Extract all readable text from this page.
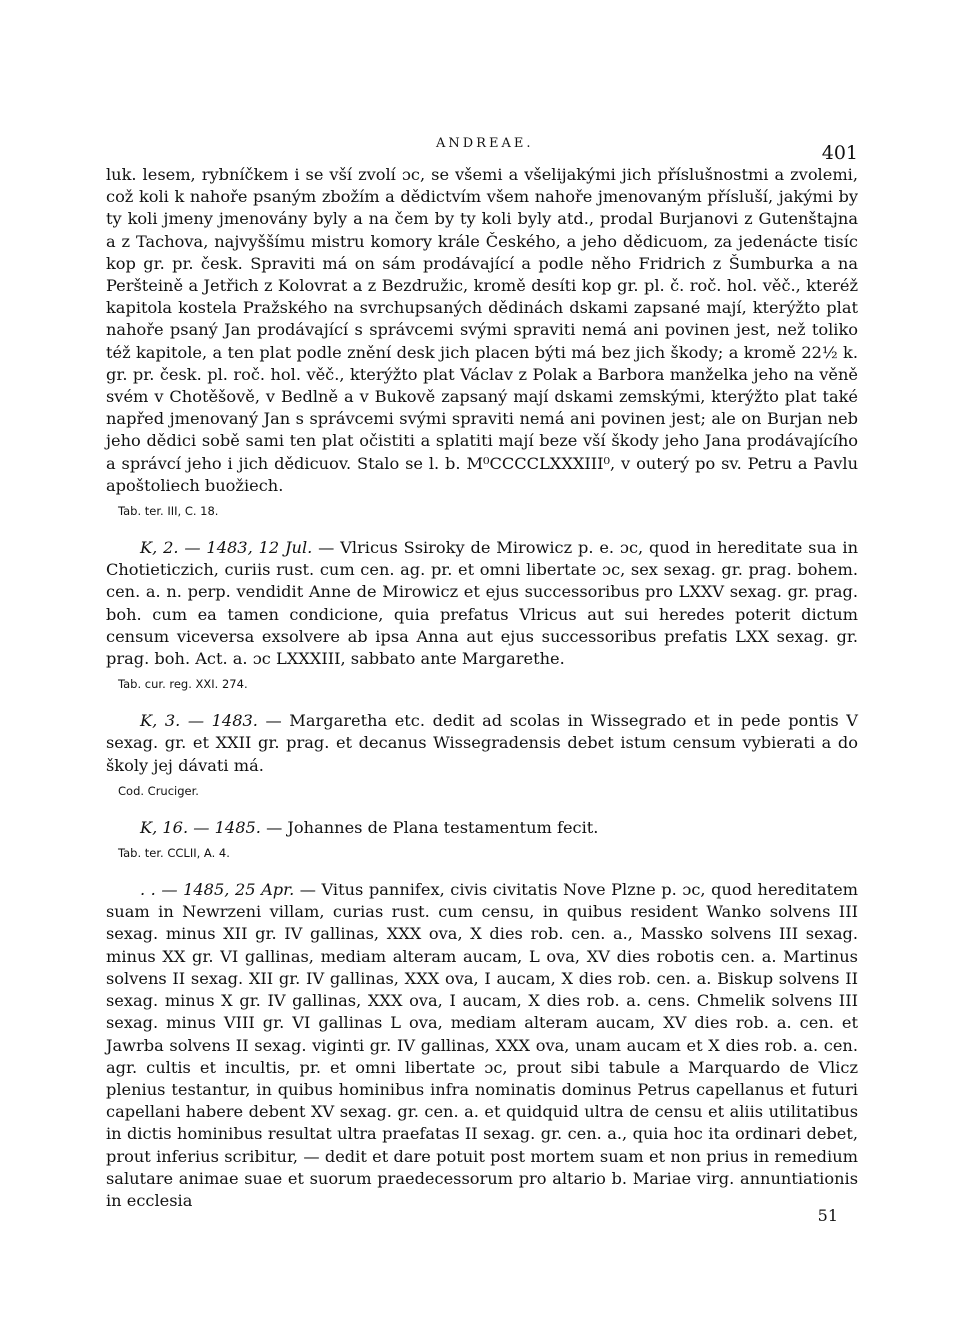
ANDREAE.	401

luk. lesem, rybníčkem i se vší zvolí ɔc, se všemi a všelijakými jich příslušnostmi a zvolemi, což koli k nahoře psaným zbožím a dědictvím všem nahoře jmenovaným přísluší, jakými by ty koli jmeny jmenovány byly a na čem by ty koli byly atd., prodal Burjanovi z Gutenštajna a z Tachova, najvyššímu mistru komory krále Českého, a jeho dědicuom, za jedenácte tisíc kop gr. pr. česk. Spraviti má on sám prodávající a podle něho Fridrich z Šumburka a na Peršteině a Jetřich z Kolovrat a z Bezdružic, kromě desíti kop gr. pl. č. roč. hol. věč., kteréž kapitola kostela Pražského na svrchupsaných dědinách dskami zapsané mají, kterýžto plat nahoře psaný Jan prodávající s správcemi svými spraviti nemá ani povinen jest, než toliko též kapitole, a ten plat podle znění desk jich placen býti má bez jich škody; a kromě 22½ k. gr. pr. česk. pl. roč. hol. věč., kterýžto plat Václav z Polak a Barbora manželka jeho na věně svém v Chotěšově, v Bedlně a v Bukově zapsaný mají dskami zemskými, kterýžto plat také napřed jmenovaný Jan s správcemi svými spraviti nemá ani povinen jest; ale on Burjan neb jeho dědici sobě sami ten plat očistiti a splatiti mají beze vší škody jeho Jana prodávajícího a správcí jeho i jich dědicuov. Stalo se l. b. M⁰CCCCLXXXIII⁰, v outerý po sv. Petru a Pavlu apoštoliech buožiech.

Tab. ter. III, C. 18.

K, 2. — 1483, 12 Jul. — Vlricus Ssiroky de Mirowicz p. e. ɔc, quod in hereditate sua in Chotieticzich, curiis rust. cum cen. ag. pr. et omni libertate ɔc, sex sexag. gr. prag. bohem. cen. a. n. perp. vendidit Anne de Mirowicz et ejus successoribus pro LXXV sexag. gr. prag. boh. cum ea tamen condicione, quia prefatus Vlricus aut sui heredes poterit dictum censum viceversa exsolvere ab ipsa Anna aut ejus successoribus prefatis LXX sexag. gr. prag. boh. Act. a. ɔc LXXXIII, sabbato ante Margarethe.

Tab. cur. reg. XXI. 274.

K, 3. — 1483. — Margaretha etc. dedit ad scolas in Wissegrado et in pede pontis V sexag. gr. et XXII gr. prag. et decanus Wissegradensis debet istum censum vybierati a do školy jej dávati má.

Cod. Cruciger.

K, 16. — 1485. — Johannes de Plana testamentum fecit.

Tab. ter. CCLII, A. 4.

. . — 1485, 25 Apr. — Vitus pannifex, civis civitatis Nove Plzne p. ɔc, quod hereditatem suam in Newrzeni villam, curias rust. cum censu, in quibus resident Wanko solvens III sexag. minus XII gr. IV gallinas, XXX ova, X dies rob. cen. a., Massko solvens III sexag. minus XX gr. VI gallinas, mediam alteram aucam, L ova, XV dies robotis cen. a. Martinus solvens II sexag. XII gr. IV gallinas, XXX ova, I aucam, X dies rob. cen. a. Biskup solvens II sexag. minus X gr. IV gallinas, XXX ova, I aucam, X dies rob. a. cens. Chmelik solvens III sexag. minus VIII gr. VI gallinas L ova, mediam alteram aucam, XV dies rob. a. cen. et Jawrba solvens II sexag. viginti gr. IV gallinas, XXX ova, unam aucam et X dies rob. a. cen. agr. cultis et incultis, pr. et omni libertate ɔc, prout sibi tabule a Marquardo de Vlicz plenius testantur, in quibus hominibus infra nominatis dominus Petrus capellanus et futuri capellani habere debent XV sexag. gr. cen. a. et quidquid ultra de censu et aliis utilitatibus in dictis hominibus resultat ultra praefatas II sexag. gr. cen. a., quia hoc ita ordinari debet, prout inferius scribitur, — dedit et dare potuit post mortem suam et non prius in remedium salutare animae suae et suorum praedecessorum pro altario b. Mariae virg. annuntiationis in ecclesia

51
